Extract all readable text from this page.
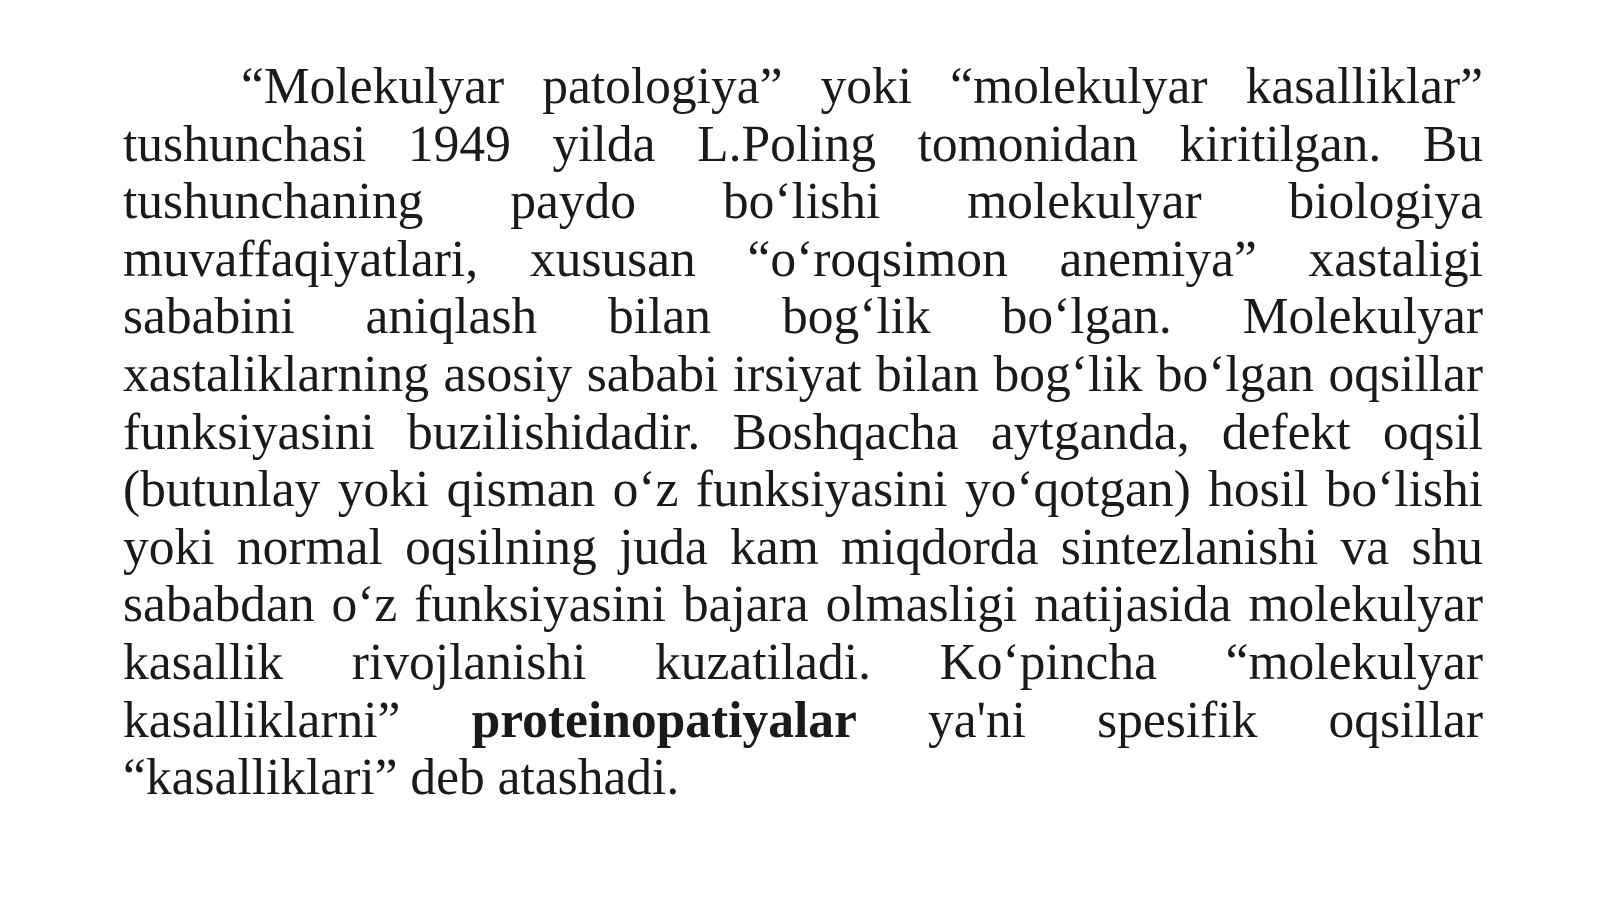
“Molekulyar patologiya” yoki “molekulyar kasalliklar” tushunchasi 1949 yilda L.Poling tomonidan kiritilgan. Bu tushunchaning paydo bo‘lishi molekulyar biologiya muvaffaqiyatlari, xususan “o‘roqsimon anemiya” xastaligi sababini aniqlash bilan bog‘lik bo‘lgan. Molekulyar xastaliklarning asosiy sababi irsiyat bilan bog‘lik bo‘lgan oqsillar funksiyasini buzilishidadir. Boshqacha aytganda, defekt oqsil (butunlay yoki qisman o‘z funksiyasini yo‘qotgan) hosil bo‘lishi yoki normal oqsilning juda kam miqdorda sintezlanishi va shu sababdan o‘z funksiyasini bajara olmasligi natijasida molekulyar kasallik rivojlanishi kuzatiladi. Ko‘pincha “molekulyar kasalliklarni” proteinopatiyalar ya'ni spesifik oqsillar “kasalliklari” deb atashadi.
